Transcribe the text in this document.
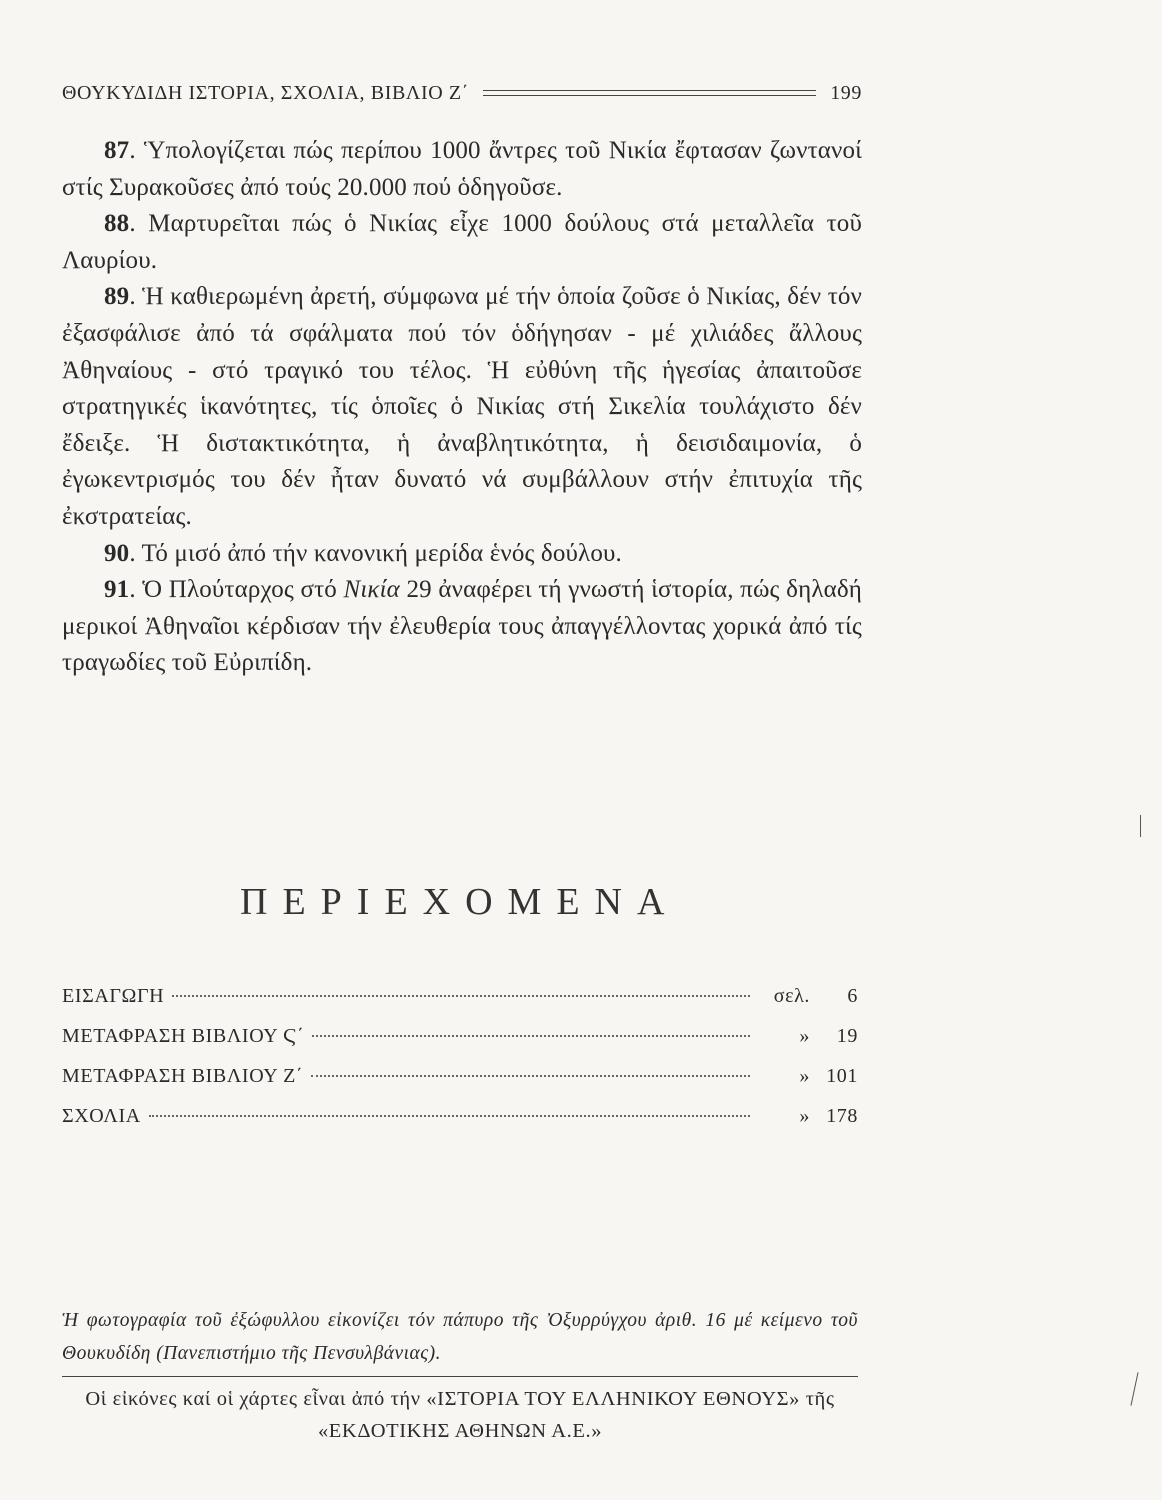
ΘΟΥΚΥΔΙΔΗ ΙΣΤΟΡΙΑ, ΣΧΟΛΙΑ, ΒΙΒΛΙΟ Ζ΄	199

87. Ὑπολογίζεται πώς περίπου 1000 ἄντρες τοῦ Νικία ἔφτασαν ζωντανοί στίς Συρακοῦσες ἀπό τούς 20.000 πού ὁδηγοῦσε.

88. Μαρτυρεῖται πώς ὁ Νικίας εἶχε 1000 δούλους στά μεταλλεῖα τοῦ Λαυρίου.

89. Ἡ καθιερωμένη ἀρετή, σύμφωνα μέ τήν ὁποία ζοῦσε ὁ Νικίας, δέν τόν ἐξασφάλισε ἀπό τά σφάλματα πού τόν ὁδήγησαν - μέ χιλιάδες ἄλλους Ἀθηναίους - στό τραγικό του τέλος. Ἡ εὐθύνη τῆς ἡγεσίας ἀπαιτοῦσε στρατηγικές ἱκανότητες, τίς ὁποῖες ὁ Νικίας στή Σικελία τουλάχιστο δέν ἔδειξε. Ἡ διστακτικότητα, ἡ ἀναβλητικότητα, ἡ δεισιδαιμονία, ὁ ἐγωκεντρισμός του δέν ἦταν δυνατό νά συμβάλλουν στήν ἐπιτυχία τῆς ἐκστρατείας.

90. Τό μισό ἀπό τήν κανονική μερίδα ἑνός δούλου.

91. Ὁ Πλούταρχος στό Νικία 29 ἀναφέρει τή γνωστή ἱστορία, πώς δηλαδή μερικοί Ἀθηναῖοι κέρδισαν τήν ἐλευθερία τους ἀπαγγέλλοντας χορικά ἀπό τίς τραγωδίες τοῦ Εὐριπίδη.

ΠΕΡΙΕΧΟΜΕΝΑ
ΕΙΣΑΓΩΓΗ	σελ.	6
ΜΕΤΑΦΡΑΣΗ ΒΙΒΛΙΟΥ Ϛ΄	»	19
ΜΕΤΑΦΡΑΣΗ ΒΙΒΛΙΟΥ Ζ΄	» 101
ΣΧΟΛΙΑ	» 178
Ἡ φωτογραφία τοῦ ἐξώφυλλου εἰκονίζει τόν πάπυρο τῆς Ὀξυρρύγχου ἀριθ. 16 μέ κείμενο τοῦ Θουκυδίδη (Πανεπιστήμιο τῆς Πενσυλβάνιας).
Οἱ εἰκόνες καί οἱ χάρτες εἶναι ἀπό τήν «ΙΣΤΟΡΙΑ ΤΟΥ ΕΛΛΗΝΙΚΟΥ ΕΘΝΟΥΣ» τῆς «ΕΚΔΟΤΙΚΗΣ ΑΘΗΝΩΝ Α.Ε.»
